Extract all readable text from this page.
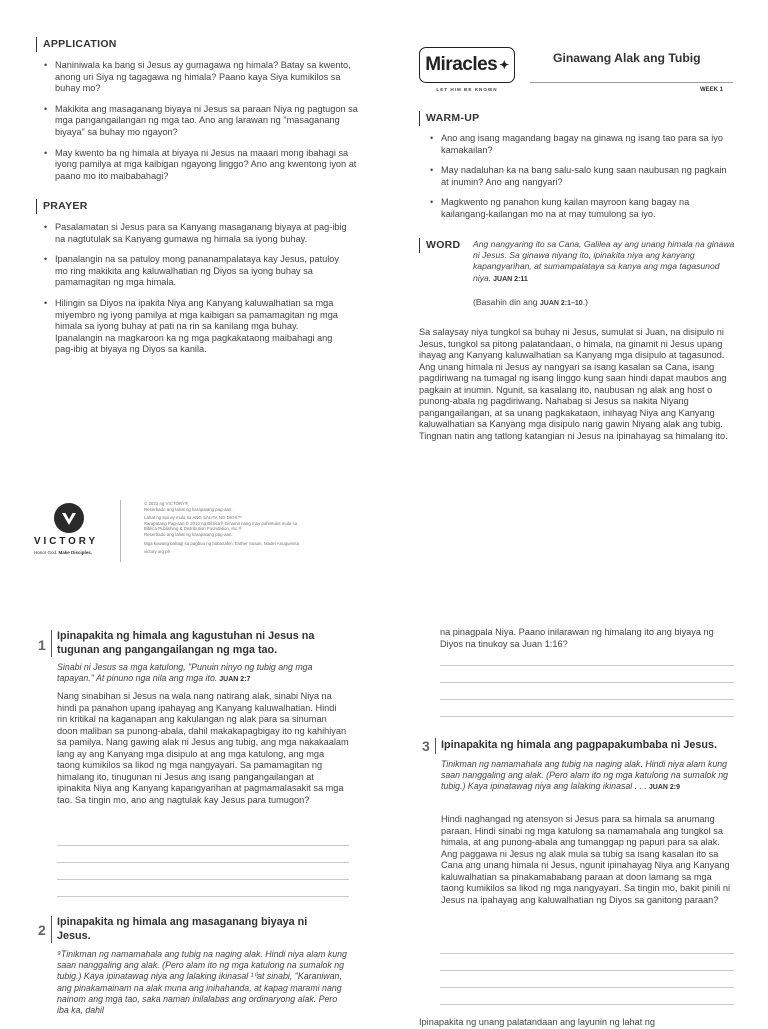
APPLICATION
• Naniniwala ka bang si Jesus ay gumagawa ng himala? Batay sa kwento, anong uri Siya ng tagagawa ng himala? Paano kaya Siya kumikilos sa buhay mo?
• Makikita ang masaganang biyaya ni Jesus sa paraan Niya ng pagtugon sa mga pangangailangan ng mga tao. Ano ang larawan ng "masaganang biyaya" sa buhay mo ngayon?
• May kwento ba ng himala at biyaya ni Jesus na maaari mong ibahagi sa iyong pamilya at mga kaibigan ngayong linggo? Ano ang kwentong iyon at paano mo ito maibabahagi?
PRAYER
• Pasalamatan si Jesus para sa Kanyang masaganang biyaya at pag-ibig na nagtutulak sa Kanyang gumawa ng himala sa iyong buhay.
• Ipanalangin na sa patuloy mong pananampalataya kay Jesus, patuloy mo ring makikita ang kaluwalhatian ng Diyos sa iyong buhay sa pamamagitan ng mga himala.
• Hilingin sa Diyos na ipakita Niya ang Kanyang kaluwalhatian sa mga miyembro ng iyong pamilya at mga kaibigan sa pamamagitan ng mga himala sa iyong buhay at pati na rin sa kanilang mga buhay. Ipanalangin na magkaroon ka ng mga pagkakataong maibahagi ang pag-ibig at biyaya ng Diyos sa kanila.
Miracles ✦
LET HIM BE KNOWN
Ginawang Alak ang Tubig
WEEK 1
WARM-UP
• Ano ang isang magandang bagay na ginawa ng isang tao para sa iyo kamakailan?
• May nadaluhan ka na bang salu-salo kung saan naubusan ng pagkain at inumin? Ano ang nangyari?
• Magkwento ng panahon kung kailan mayroon kang bagay na kailangang-kailangan mo na at may tumulong sa iyo.
WORD Ang nangyaring ito sa Cana, Galilea ay ang unang himala na ginawa ni Jesus. Sa ginawa niyang ito, ipinakita niya ang kanyang kapangyarihan, at sumampalataya sa kanya ang mga tagasunod niya. JUAN 2:11
(Basahin din ang JUAN 2:1–10.)
Sa salaysay niya tungkol sa buhay ni Jesus, sumulat si Juan, na disipulo ni Jesus, tungkol sa pitong palatandaan, o himala, na ginamit ni Jesus upang ihayag ang Kanyang kaluwalhatian sa Kanyang mga disipulo at tagasunod. Ang unang himala ni Jesus ay nangyari sa isang kasalan sa Cana, isang pagdiriwang na tumagal ng isang linggo kung saan hindi dapat maubos ang pagkain at inumin. Ngunit, sa kasalang ito, naubusan ng alak ang host o punong-abala ng pagdiriwang. Nahabag si Jesus sa nakita Niyang pangangailangan, at sa unang pagkakataon, inihayag Niya ang Kanyang kaluwalhatian sa Kanyang mga disipulo nang gawin Niyang alak ang tubig. Tingnan natin ang tatlong katangian ni Jesus na ipinahayag sa himalang ito.
VICTORY
Honor God. Make Disciples.
© 2023 ng VICTORY®
Reserbado ang lahat ng karapatang pag-aari.
Lahat ng sipi ay mula sa ANG SALITA NG DIOS™
Karapatang Pag-aari © 2010 ng Biblica® Ginamit nang may pahintulot mula sa
Biblica Publishing & Distribution Foundation, Inc.®
Reserbado ang lahat ng karapatang pag-aari.
Mga kuwang bahagi sa pagbuo ng babasahin: Esther Susan, Madel Anuguenita
victory.org.ph
1
Ipinapakita ng himala ang kagustuhan ni Jesus na tugunan ang pangangailangan ng mga tao.
Sinabi ni Jesus sa mga katulong, "Punuin ninyo ng tubig ang mga tapayan." At pinuno nga nila ang mga ito. JUAN 2:7
Nang sinabihan si Jesus na wala nang natirang alak, sinabi Niya na hindi pa panahon upang ipahayag ang Kanyang kaluwalhatian. Hindi rin kritikal na kaganapan ang kakulangan ng alak para sa sinuman doon maliban sa punong-abala, dahil makakapagbigay ito ng kahihiyan sa pamilya. Nang gawing alak ni Jesus ang tubig, ang mga nakakaalam lang ay ang Kanyang mga disipulo at ang mga katulong, ang mga taong kumikilos sa likod ng mga nangyayari. Sa pamamagitan ng himalang ito, tinugunan ni Jesus ang isang pangangailangan at ipinakita Niya ang Kanyang kapangyarihan at pagmamalasakit sa mga tao. Sa tingin mo, ano ang nagtulak kay Jesus para tumugon?
2 Ipinapakita ng himala ang masaganang biyaya ni Jesus.
⁹Tinikman ng namamahala ang tubig na naging alak. Hindi niya alam kung saan nanggaling ang alak. (Pero alam ito ng mga katulong na sumalok ng tubig.) Kaya ipinatawag niya ang lalaking ikinasal ¹⁰at sinabi, "Karaniwan, ang pinakamainam na alak muna ang inihahanda, at kapag marami nang nainom ang mga tao, saka naman inilalabas ang ordinaryong alak. Pero iba ka, dahil
na pinagpala Niya. Paano inilarawan ng himalang ito ang biyaya ng Diyos na tinukoy sa Juan 1:16?
3 Ipinapakita ng himala ang pagpapakumbaba ni Jesus.
Tinikman ng namamahala ang tubig na naging alak. Hindi niya alam kung saan nanggaling ang alak. (Pero alam ito ng mga katulong na sumalok ng tubig.) Kaya ipinatawag niya ang lalaking ikinasal . . . JUAN 2:9
Hindi naghangad ng atensyon si Jesus para sa himala sa anumang paraan. Hindi sinabi ng mga katulong sa namamahala ang tungkol sa himala, at ang punong-abala ang tumanggap ng papuri para sa alak. Ang paggawa ni Jesus ng alak mula sa tubig sa isang kasalan ito sa Cana ang unang himala ni Jesus, ngunit ipinahayag Niya ang Kanyang kaluwalhatian sa pinakamababang paraan at doon lamang sa mga taong kumikilos sa likod ng mga nangyayari. Sa tingin mo, bakit pinili ni Jesus na ipahayag ang kaluwalhatian ng Diyos sa ganitong paraan?
Ipinapakita ng unang palatandaan ang layunin ng lahat ng
